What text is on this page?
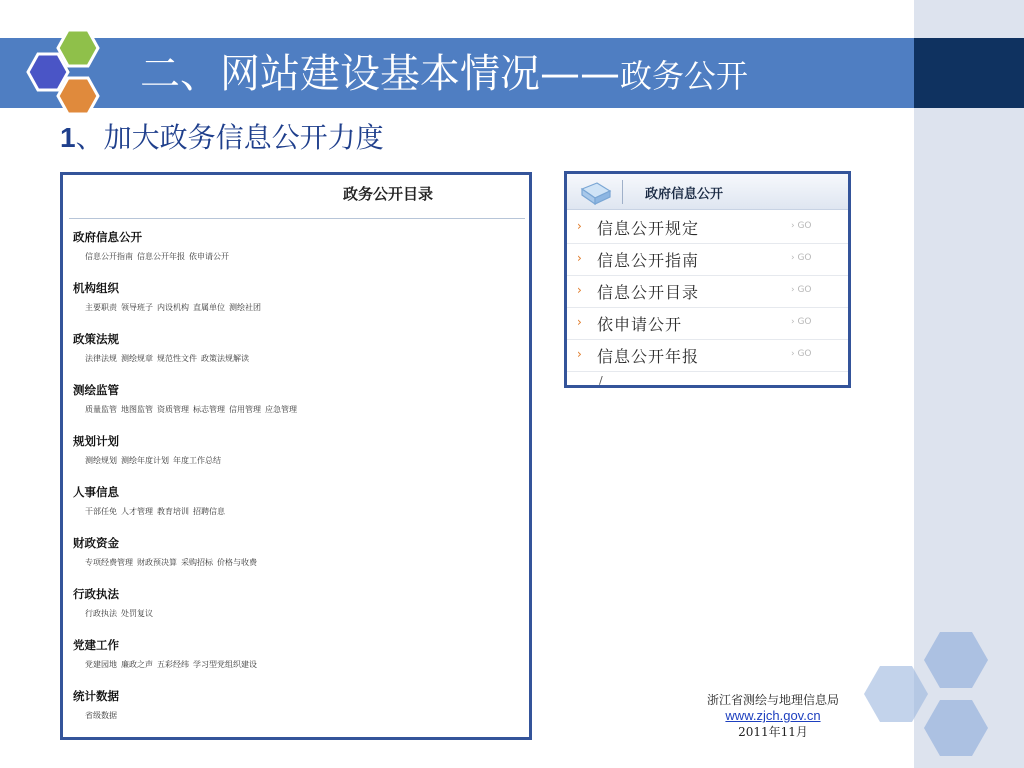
二、网站建设基本情况——政务公开
1、加大政务信息公开力度
政务公开目录
政府信息公开
信息公开指南 信息公开年报 依申请公开
机构组织
主要职责 领导班子 内设机构 直属单位 测绘社团
政策法规
法律法规 测绘规章 规范性文件 政策法规解读
测绘监管
质量监管 地图监管 资质管理 标志管理 信用管理 应急管理
规划计划
测绘规划 测绘年度计划 年度工作总结
人事信息
干部任免 人才管理 教育培训 招聘信息
财政资金
专项经费管理 财政预决算 采购招标 价格与收费
行政执法
行政执法 处罚复议
党建工作
党建园地 廉政之声 五彩经纬 学习型党组织建设
统计数据
省级数据
政府信息公开
› 信息公开规定	› GO
› 信息公开指南	› GO
› 信息公开目录	› GO
› 依申请公开	› GO
› 信息公开年报	› GO
/
浙江省测绘与地理信息局
www.zjch.gov.cn
2011年11月
